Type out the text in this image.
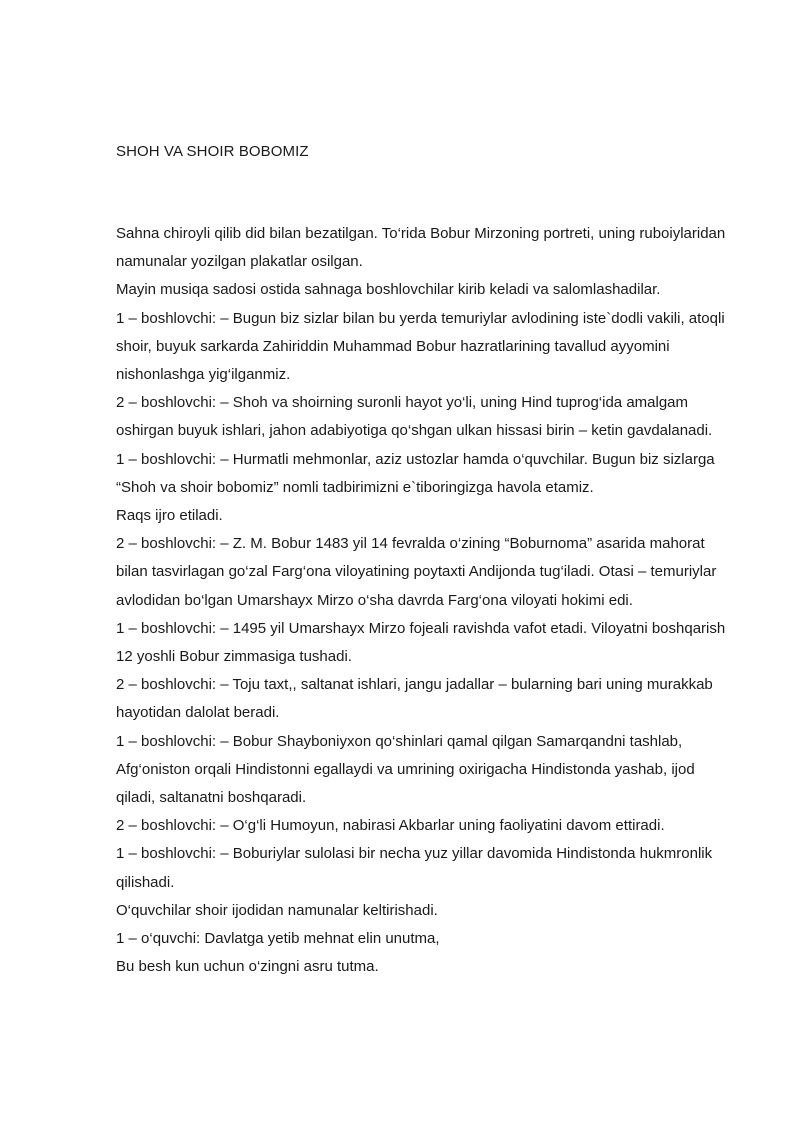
SHOH VA SHOIR BOBOMIZ

Sahna chiroyli qilib did bilan bezatilgan. To‘rida Bobur Mirzoning portreti, uning ruboiylaridan namunalar yozilgan plakatlar osilgan.

Mayin musiqa sadosi ostida sahnaga boshlovchilar kirib keladi va salomlashadilar.

1 – boshlovchi: – Bugun biz sizlar bilan bu yerda temuriylar avlodining iste`dodli vakili, atoqli shoir, buyuk sarkarda Zahiriddin Muhammad Bobur hazratlarining tavallud ayyomini nishonlashga yig‘ilganmiz.

2 – boshlovchi: – Shoh va shoirning suronli hayot yo‘li, uning Hind tuprog‘ida amalgam oshirgan buyuk ishlari, jahon adabiyotiga qo‘shgan ulkan hissasi birin – ketin gavdalanadi.

1 – boshlovchi: – Hurmatli mehmonlar, aziz ustozlar hamda o‘quvchilar. Bugun biz sizlarga “Shoh va shoir bobomiz” nomli tadbirimizni e`tiboringizga havola etamiz.

Raqs ijro etiladi.

2 – boshlovchi: – Z. M. Bobur 1483 yil 14 fevralda o‘zining “Boburnoma” asarida mahorat bilan tasvirlagan go‘zal Farg‘ona viloyatining poytaxti Andijonda tug‘iladi. Otasi – temuriylar avlodidan bo‘lgan Umarshayx Mirzo o‘sha davrda Farg‘ona viloyati hokimi edi.

1 – boshlovchi: – 1495 yil Umarshayx Mirzo fojeali ravishda vafot etadi. Viloyatni boshqarish 12 yoshli Bobur zimmasiga tushadi.

2 – boshlovchi: – Toju taxt,, saltanat ishlari, jangu jadallar – bularning bari uning murakkab hayotidan dalolat beradi.

1 – boshlovchi: – Bobur Shayboniyxon qo‘shinlari qamal qilgan Samarqandni tashlab, Afg‘oniston orqali Hindistonni egallaydi va umrining oxirigacha Hindistonda yashab, ijod qiladi, saltanatni boshqaradi.

2 – boshlovchi: – O‘g‘li Humoyun, nabirasi Akbarlar uning faoliyatini davom ettiradi.

1 – boshlovchi: – Boburiylar sulolasi bir necha yuz yillar davomida Hindistonda hukmronlik qilishadi.

O‘quvchilar shoir ijodidan namunalar keltirishadi.

1 – o‘quvchi: Davlatga yetib mehnat elin unutma,

Bu besh kun uchun o‘zingni asru tutma.
